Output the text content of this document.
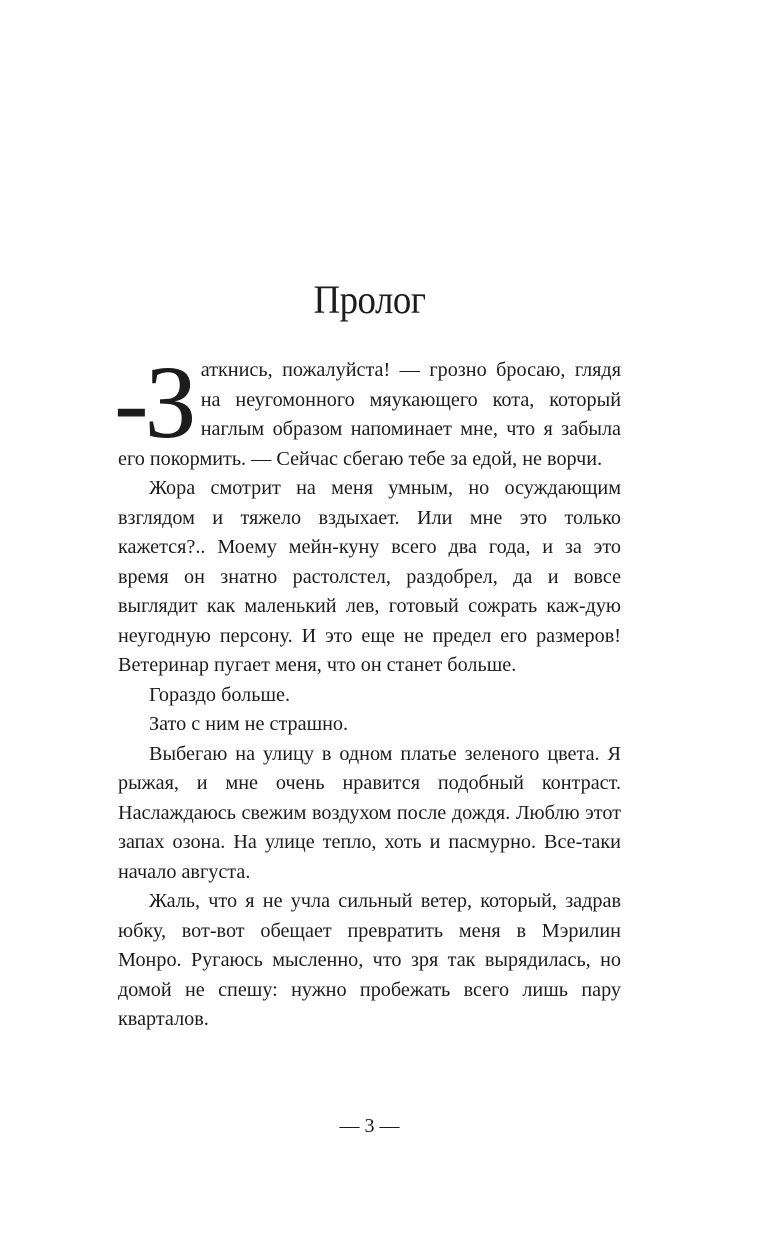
Пролог

-З аткнись, пожалуйста! — грозно бросаю, глядя на неугомонного мяукающего кота, который наглым образом напоминает мне, что я забыла его покормить. — Сейчас сбегаю тебе за едой, не ворчи.

Жора смотрит на меня умным, но осуждающим взглядом и тяжело вздыхает. Или мне это только кажется?.. Моему мейн-куну всего два года, и за это время он знатно растолстел, раздобрел, да и вовсе выглядит как маленький лев, готовый сожрать каж-дую неугодную персону. И это еще не предел его размеров! Ветеринар пугает меня, что он станет больше.

Гораздо больше.

Зато с ним не страшно.

Выбегаю на улицу в одном платье зеленого цвета. Я рыжая, и мне очень нравится подобный контраст. Наслаждаюсь свежим воздухом после дождя. Люблю этот запах озона. На улице тепло, хоть и пасмурно. Все-таки начало августа.

Жаль, что я не учла сильный ветер, который, задрав юбку, вот-вот обещает превратить меня в Мэрилин Монро. Ругаюсь мысленно, что зря так вырядилась, но домой не спешу: нужно пробежать всего лишь пару кварталов.

— 3 —
